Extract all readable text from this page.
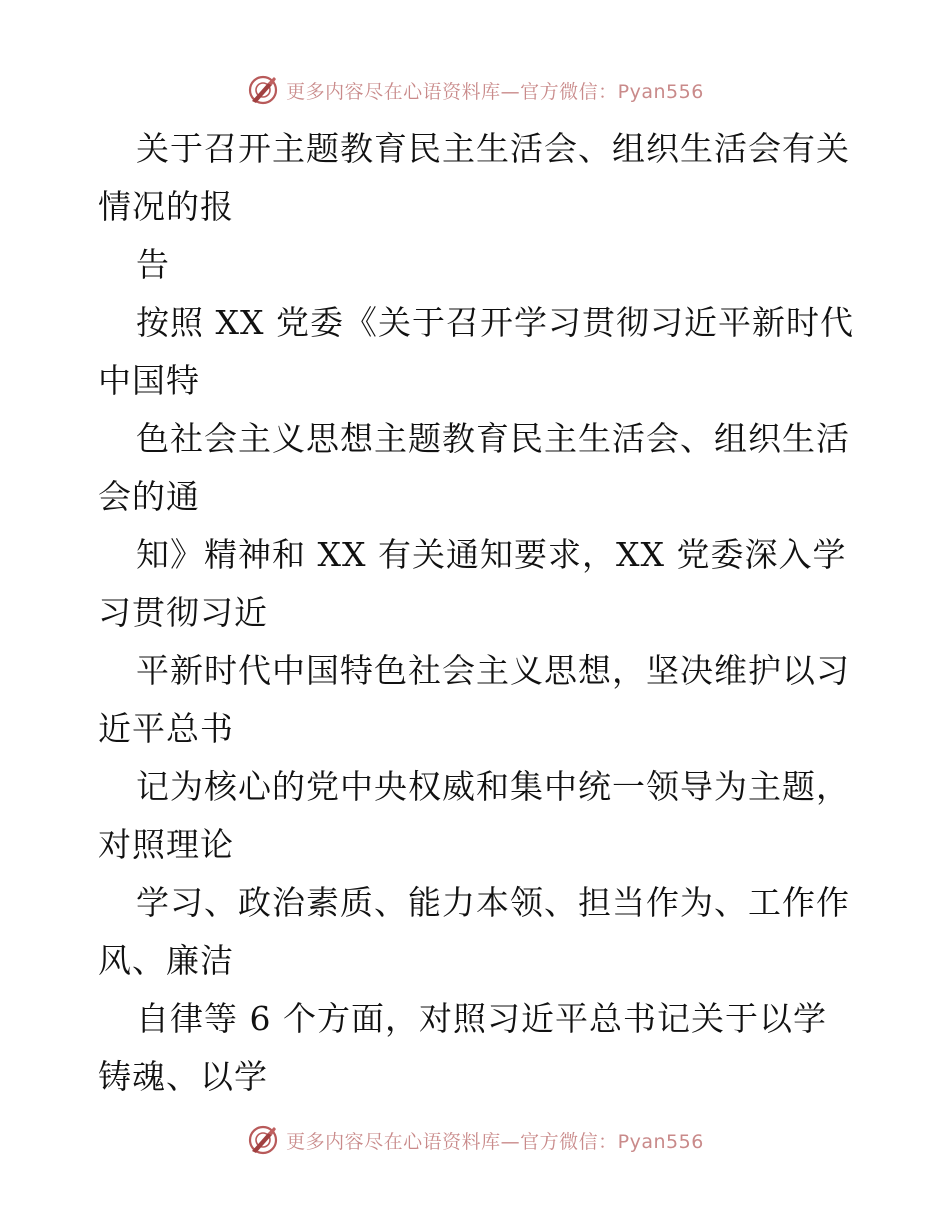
更多内容尽在心语资料库—官方微信：Pyan556
关于召开主题教育民主生活会、组织生活会有关
情况的报
告
按照 XX 党委《关于召开学习贯彻习近平新时代
中国特
色社会主义思想主题教育民主生活会、组织生活
会的通
知》精神和 XX 有关通知要求，XX 党委深入学
习贯彻习近
平新时代中国特色社会主义思想，坚决维护以习
近平总书
记为核心的党中央权威和集中统一领导为主题，
对照理论
学习、政治素质、能力本领、担当作为、工作作
风、廉洁
自律等 6 个方面，对照习近平总书记关于以学
铸魂、以学
更多内容尽在心语资料库—官方微信：Pyan556
